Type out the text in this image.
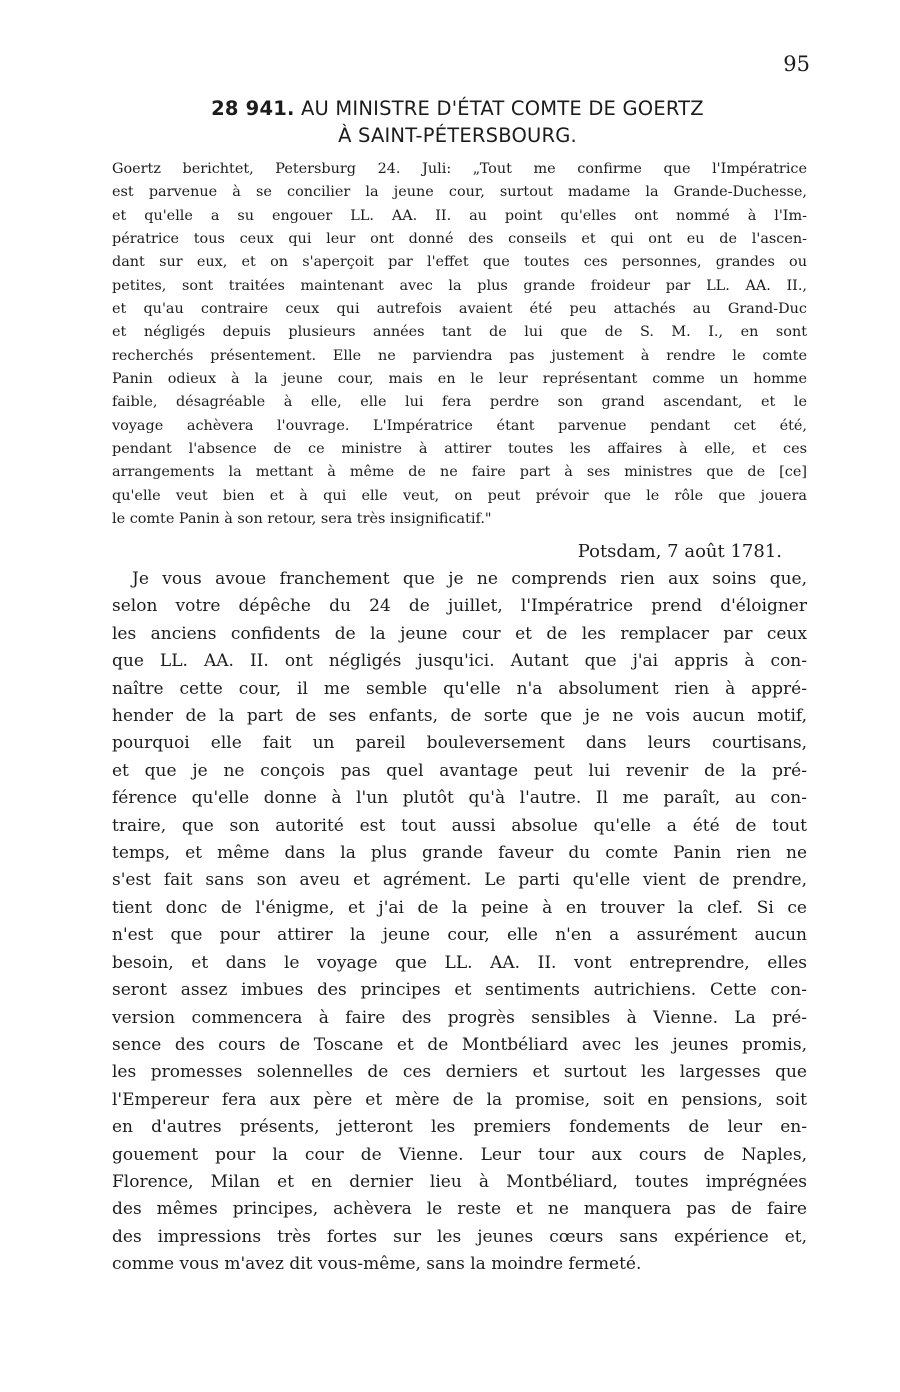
95
28 941. AU MINISTRE D'ÉTAT COMTE DE GOERTZ
À SAINT-PÉTERSBOURG.
Goertz berichtet, Petersburg 24. Juli: „Tout me confirme que l'Impératrice
est parvenue à se concilier la jeune cour, surtout madame la Grande-Duchesse,
et qu'elle a su engouer LL. AA. II. au point qu'elles ont nommé à l'Im-
pératrice tous ceux qui leur ont donné des conseils et qui ont eu de l'ascen-
dant sur eux, et on s'aperçoit par l'effet que toutes ces personnes, grandes ou
petites, sont traitées maintenant avec la plus grande froideur par LL. AA. II.,
et qu'au contraire ceux qui autrefois avaient été peu attachés au Grand-Duc
et négligés depuis plusieurs années tant de lui que de S. M. I., en sont
recherchés présentement. Elle ne parviendra pas justement à rendre le comte
Panin odieux à la jeune cour, mais en le leur représentant comme un homme
faible, désagréable à elle, elle lui fera perdre son grand ascendant, et le
voyage achèvera l'ouvrage. L'Impératrice étant parvenue pendant cet été,
pendant l'absence de ce ministre à attirer toutes les affaires à elle, et ces
arrangements la mettant à même de ne faire part à ses ministres que de [ce]
qu'elle veut bien et à qui elle veut, on peut prévoir que le rôle que jouera
le comte Panin à son retour, sera très insignificatif."
Potsdam, 7 août 1781.
Je vous avoue franchement que je ne comprends rien aux soins que,
selon votre dépêche du 24 de juillet, l'Impératrice prend d'éloigner
les anciens confidents de la jeune cour et de les remplacer par ceux
que LL. AA. II. ont négligés jusqu'ici. Autant que j'ai appris à con-
naître cette cour, il me semble qu'elle n'a absolument rien à appré-
hender de la part de ses enfants, de sorte que je ne vois aucun motif,
pourquoi elle fait un pareil bouleversement dans leurs courtisans,
et que je ne conçois pas quel avantage peut lui revenir de la pré-
férence qu'elle donne à l'un plutôt qu'à l'autre. Il me paraît, au con-
traire, que son autorité est tout aussi absolue qu'elle a été de tout
temps, et même dans la plus grande faveur du comte Panin rien ne
s'est fait sans son aveu et agrément. Le parti qu'elle vient de prendre,
tient donc de l'énigme, et j'ai de la peine à en trouver la clef. Si ce
n'est que pour attirer la jeune cour, elle n'en a assurément aucun
besoin, et dans le voyage que LL. AA. II. vont entreprendre, elles
seront assez imbues des principes et sentiments autrichiens. Cette con-
version commencera à faire des progrès sensibles à Vienne. La pré-
sence des cours de Toscane et de Montbéliard avec les jeunes promis,
les promesses solennelles de ces derniers et surtout les largesses que
l'Empereur fera aux père et mère de la promise, soit en pensions, soit
en d'autres présents, jetteront les premiers fondements de leur en-
gouement pour la cour de Vienne. Leur tour aux cours de Naples,
Florence, Milan et en dernier lieu à Montbéliard, toutes imprégnées
des mêmes principes, achèvera le reste et ne manquera pas de faire
des impressions très fortes sur les jeunes cœurs sans expérience et,
comme vous m'avez dit vous-même, sans la moindre fermeté.
